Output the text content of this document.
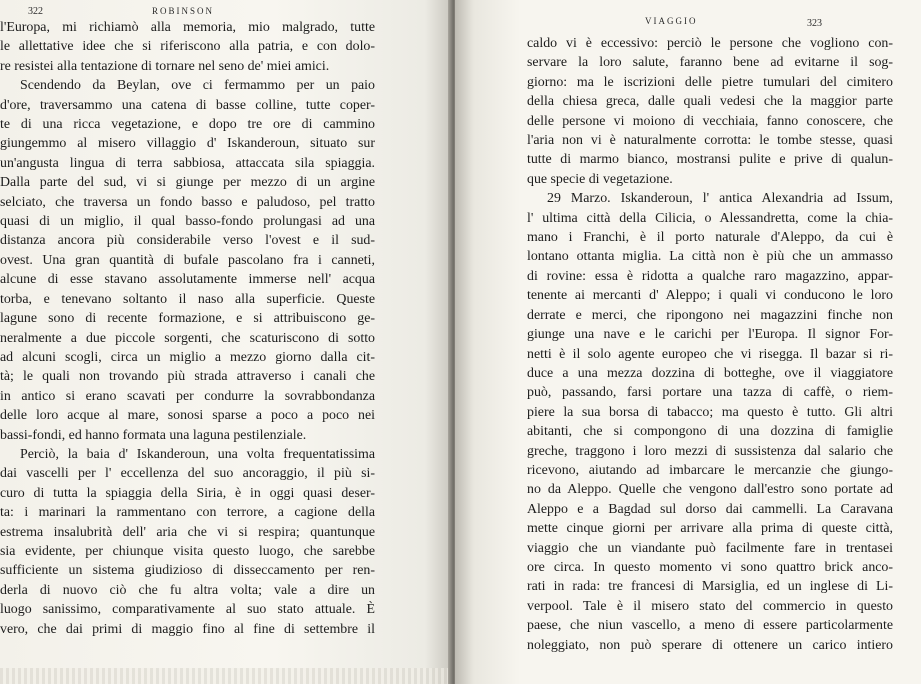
322	ROBINSON
l'Europa, mi richiamò alla memoria, mio malgrado, tutte
le allettative idee che si riferiscono alla patria, e con dolo-
re resistei alla tentazione di tornare nel seno de' miei amici.
Scendendo da Beylan, ove ci fermammo per un paio
d'ore, traversammo una catena di basse colline, tutte coper-
te di una ricca vegetazione, e dopo tre ore di cammino
giungemmo al misero villaggio d' Iskanderoun, situato sur
un'angusta lingua di terra sabbiosa, attaccata sila spiaggia.
Dalla parte del sud, vi si giunge per mezzo di un argine
selciato, che traversa un fondo basso e paludoso, pel tratto
quasi di un miglio, il qual basso-fondo prolungasi ad una
distanza ancora più considerabile verso l'ovest e il sud-
ovest. Una gran quantità di bufale pascolano fra i canneti,
alcune di esse stavano assolutamente immerse nell' acqua
torba, e tenevano soltanto il naso alla superficie. Queste
lagune sono di recente formazione, e si attribuiscono ge-
neralmente a due piccole sorgenti, che scaturiscono di sotto
ad alcuni scogli, circa un miglio a mezzo giorno dalla cit-
tà; le quali non trovando più strada attraverso i canali che
in antico si erano scavati per condurre la sovrabbondanza
delle loro acque al mare, sonosi sparse a poco a poco nei
bassi-fondi, ed hanno formata una laguna pestilenziale.
Perciò, la baia d' Iskanderoun, una volta frequentatissima
dai vascelli per l' eccellenza del suo ancoraggio, il più si-
curo di tutta la spiaggia della Siria, è in oggi quasi deser-
ta: i marinari la rammentano con terrore, a cagione della
estrema insalubrità dell' aria che vi si respira; quantunque
sia evidente, per chiunque visita questo luogo, che sarebbe
sufficiente un sistema giudizioso di disseccamento per ren-
derla di nuovo ciò che fu altra volta; vale a dire un
luogo sanissimo, comparativamente al suo stato attuale. È
vero, che dai primi di maggio fino al fine di settembre il
VIAGGIO	323
caldo vi è eccessivo: perciò le persone che vogliono con-
servare la loro salute, faranno bene ad evitarne il sog-
giorno: ma le iscrizioni delle pietre tumulari del cimitero
della chiesa greca, dalle quali vedesi che la maggior parte
delle persone vi moiono di vecchiaia, fanno conoscere, che
l'aria non vi è naturalmente corrotta: le tombe stesse, quasi
tutte di marmo bianco, mostransi pulite e prive di qualun-
que specie di vegetazione.
29 Marzo. Iskanderoun, l' antica Alexandria ad Issum,
l' ultima città della Cilicia, o Alessandretta, come la chia-
mano i Franchi, è il porto naturale d'Aleppo, da cui è
lontano ottanta miglia. La città non è più che un ammasso
di rovine: essa è ridotta a qualche raro magazzino, appar-
tenente ai mercanti d' Aleppo; i quali vi conducono le loro
derrate e merci, che ripongono nei magazzini finche non
giunge una nave e le carichi per l'Europa. Il signor For-
netti è il solo agente europeo che vi risegga. Il bazar si ri-
duce a una mezza dozzina di botteghe, ove il viaggiatore
può, passando, farsi portare una tazza di caffè, o riem-
piere la sua borsa di tabacco; ma questo è tutto. Gli altri
abitanti, che si compongono di una dozzina di famiglie
greche, traggono i loro mezzi di sussistenza dal salario che
ricevono, aiutando ad imbarcare le mercanzie che giungo-
no da Aleppo. Quelle che vengono dall'estro sono portate ad
Aleppo e a Bagdad sul dorso dai cammelli. La Caravana
mette cinque giorni per arrivare alla prima di queste città,
viaggio che un viandante può facilmente fare in trentasei
ore circa. In questo momento vi sono quattro brick anco-
rati in rada: tre francesi di Marsiglia, ed un inglese di Li-
verpool. Tale è il misero stato del commercio in questo
paese, che niun vascello, a meno di essere particolarmente
noleggiato, non può sperare di ottenere un carico intiero
